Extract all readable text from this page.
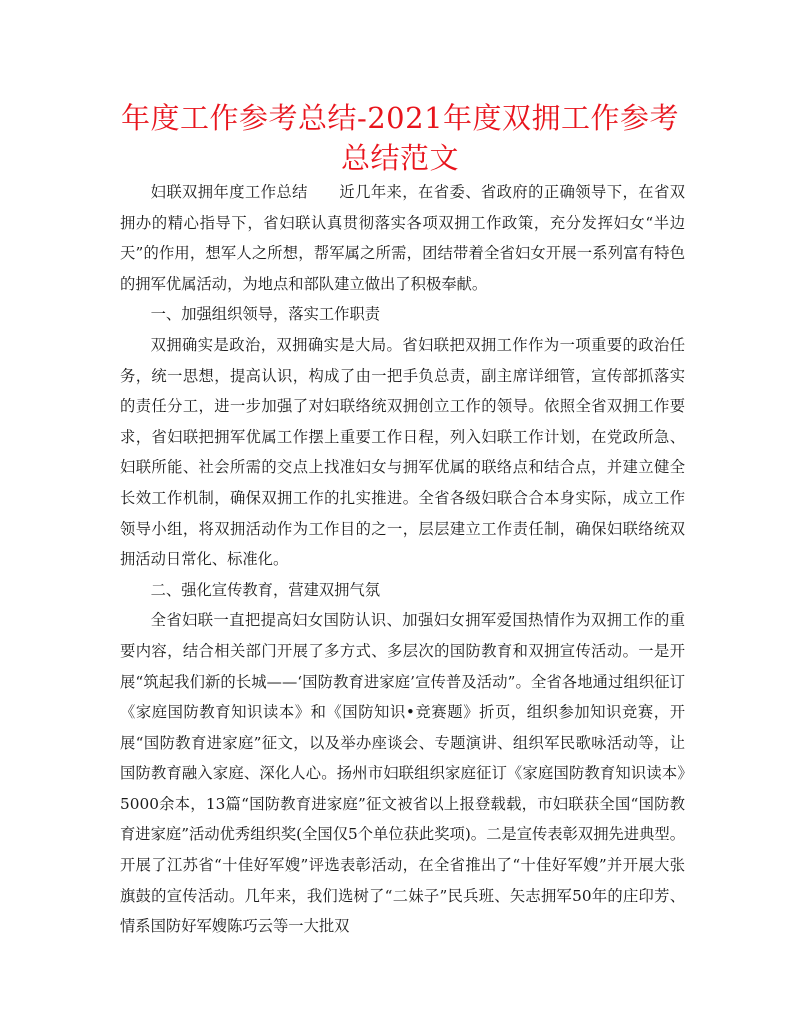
年度工作参考总结-2021年度双拥工作参考总结范文

妇联双拥年度工作总结　　近几年来，在省委、省政府的正确领导下，在省双拥办的精心指导下，省妇联认真贯彻落实各项双拥工作政策，充分发挥妇女“半边天”的作用，想军人之所想，帮军属之所需，团结带着全省妇女开展一系列富有特色的拥军优属活动，为地点和部队建立做出了积极奉献。

一、加强组织领导，落实工作职责

双拥确实是政治，双拥确实是大局。省妇联把双拥工作作为一项重要的政治任务，统一思想，提高认识，构成了由一把手负总责，副主席详细管，宣传部抓落实的责任分工，进一步加强了对妇联络统双拥创立工作的领导。依照全省双拥工作要求，省妇联把拥军优属工作摆上重要工作日程，列入妇联工作计划，在党政所急、妇联所能、社会所需的交点上找准妇女与拥军优属的联络点和结合点，并建立健全长效工作机制，确保双拥工作的扎实推进。全省各级妇联合合本身实际，成立工作领导小组，将双拥活动作为工作目的之一，层层建立工作责任制，确保妇联络统双拥活动日常化、标准化。

二、强化宣传教育，营建双拥气氛

全省妇联一直把提高妇女国防认识、加强妇女拥军爱国热情作为双拥工作的重要内容，结合相关部门开展了多方式、多层次的国防教育和双拥宣传活动。一是开展“筑起我们新的长城——‘国防教育进家庭’宣传普及活动”。全省各地通过组织征订《家庭国防教育知识读本》和《国防知识•竞赛题》折页，组织参加知识竞赛，开展“国防教育进家庭”征文，以及举办座谈会、专题演讲、组织军民歌咏活动等，让国防教育融入家庭、深化人心。扬州市妇联组织家庭征订《家庭国防教育知识读本》5000余本，13篇“国防教育进家庭”征文被省以上报登载载，市妇联获全国“国防教育进家庭”活动优秀组织奖(全国仅5个单位获此奖项)。二是宣传表彰双拥先进典型。开展了江苏省“十佳好军嫂”评选表彰活动，在全省推出了“十佳好军嫂”并开展大张旗鼓的宣传活动。几年来，我们选树了“二妹子”民兵班、矢志拥军50年的庄印芳、情系国防好军嫂陈巧云等一大批双
